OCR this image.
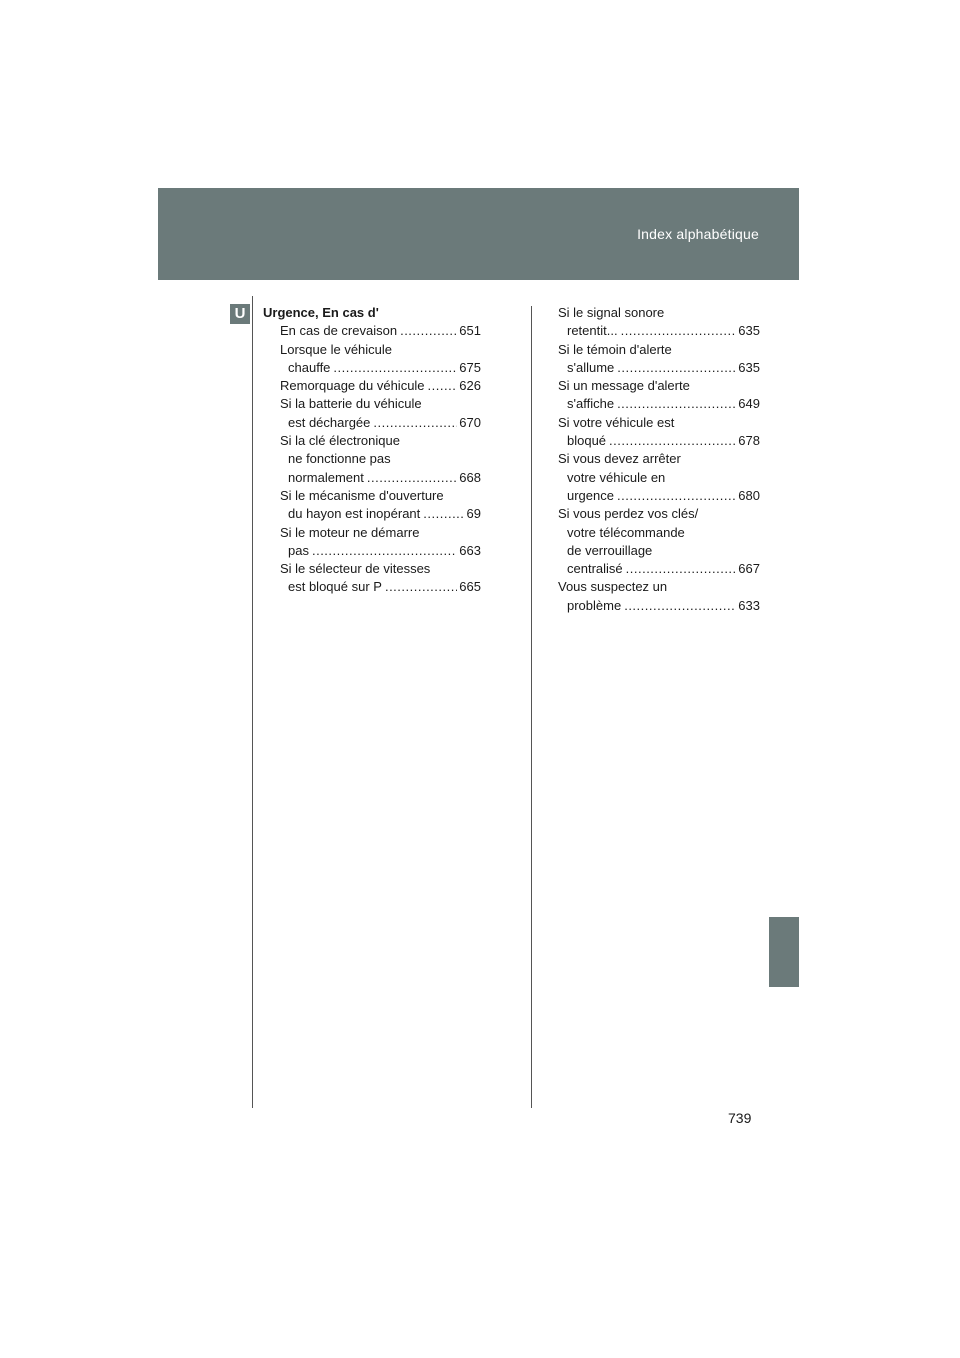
Index alphabétique
U	Urgence, En cas d'
En cas de crevaison .....	651
Lorsque le véhicule
chauffe .....	675
Remorquage du véhicule .....	626
Si la batterie du véhicule
est déchargée .....	670
Si la clé électronique
ne fonctionne pas
normalement .....	668
Si le mécanisme d'ouverture
du hayon est inopérant .....	69
Si le moteur ne démarre
pas .....	663
Si le sélecteur de vitesses
est bloqué sur P .....	665
Si le signal sonore
retentit... .....	635
Si le témoin d'alerte
s'allume .....	635
Si un message d'alerte
s'affiche .....	649
Si votre véhicule est
bloqué .....	678
Si vous devez arrêter
votre véhicule en
urgence .....	680
Si vous perdez vos clés/
votre télécommande
de verrouillage
centralisé .....	667
Vous suspectez un
problème .....	633
739
